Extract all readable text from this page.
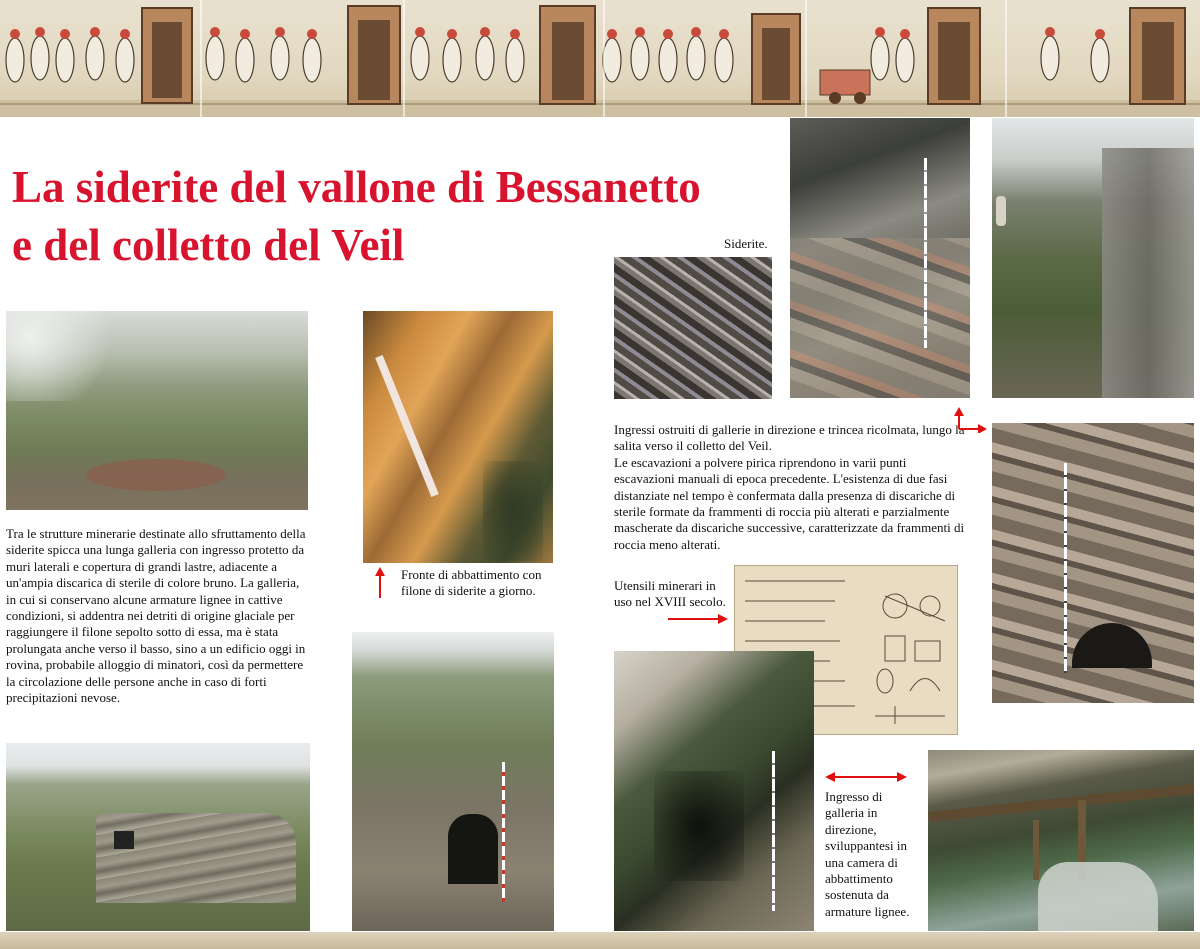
La siderite del vallone di Bessanetto
e del colletto del Veil
Tra le strutture minerarie destinate allo sfruttamento della siderite spicca una lunga galleria con ingresso protetto da muri laterali e copertura di grandi lastre, adiacente a un'ampia discarica di sterile di colore bruno. La galleria, in cui si conservano alcune armature lignee in cattive condizioni, si addentra nei detriti di origine glaciale per raggiungere il filone sepolto sotto di essa, ma è stata prolungata anche verso il basso, sino a un edificio oggi in rovina, probabile alloggio di minatori, così da permettere la circolazione delle persone anche in caso di forti precipitazioni nevose.
Fronte di abbattimento con filone di siderite a giorno.
Siderite.
Ingressi ostruiti di gallerie in direzione e trincea ricolmata, lungo salita verso il colletto del Veil.
Le escavazioni a polvere pirica riprendono in varii punti escavazioni manuali di epoca precedente. L'esistenza di due fasi distanziate nel tempo è confermata dalla presenza di discariche di sterile formate da frammenti di roccia più alterati e parzialmente mascherate da discariche successive, caratterizzate da frammenti di roccia meno alterati.
Utensili minerari in uso nel XVIII secolo.
Ingresso di galleria in direzione, sviluppantesi in una camera di abbattimento sostenuta da armature lignee.
